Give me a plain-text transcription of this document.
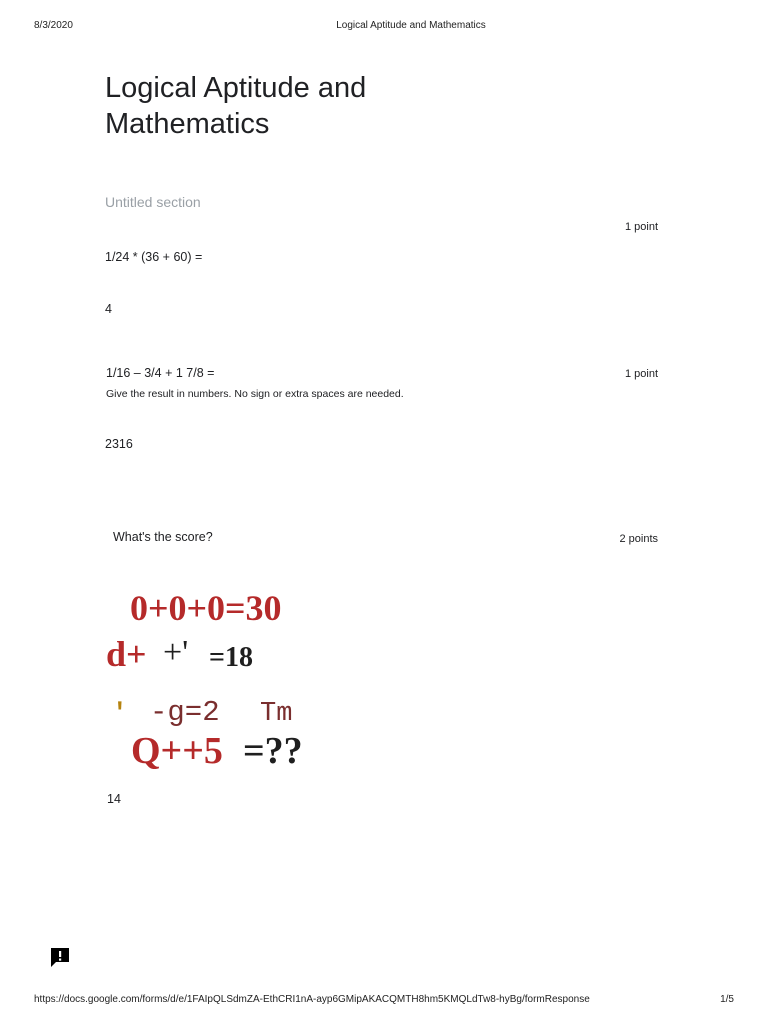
8/3/2020	Logical Aptitude and Mathematics
Logical Aptitude and Mathematics
Untitled section
1 point
1/24 * (36 + 60) =
4
1 point
1/16 – 3/4 + 1 7/8 =
Give the result in numbers. No sign or extra spaces are needed.
2316
2 points
What's the score?
0+0+0=30
d+ +' =18
' -g=2 Tm
Q++5 =??
14
https://docs.google.com/forms/d/e/1FAIpQLSdmZA-EthCRI1nA-ayp6GMipAKACQMTH8hm5KMQLdTw8-hyBg/formResponse	1/5
